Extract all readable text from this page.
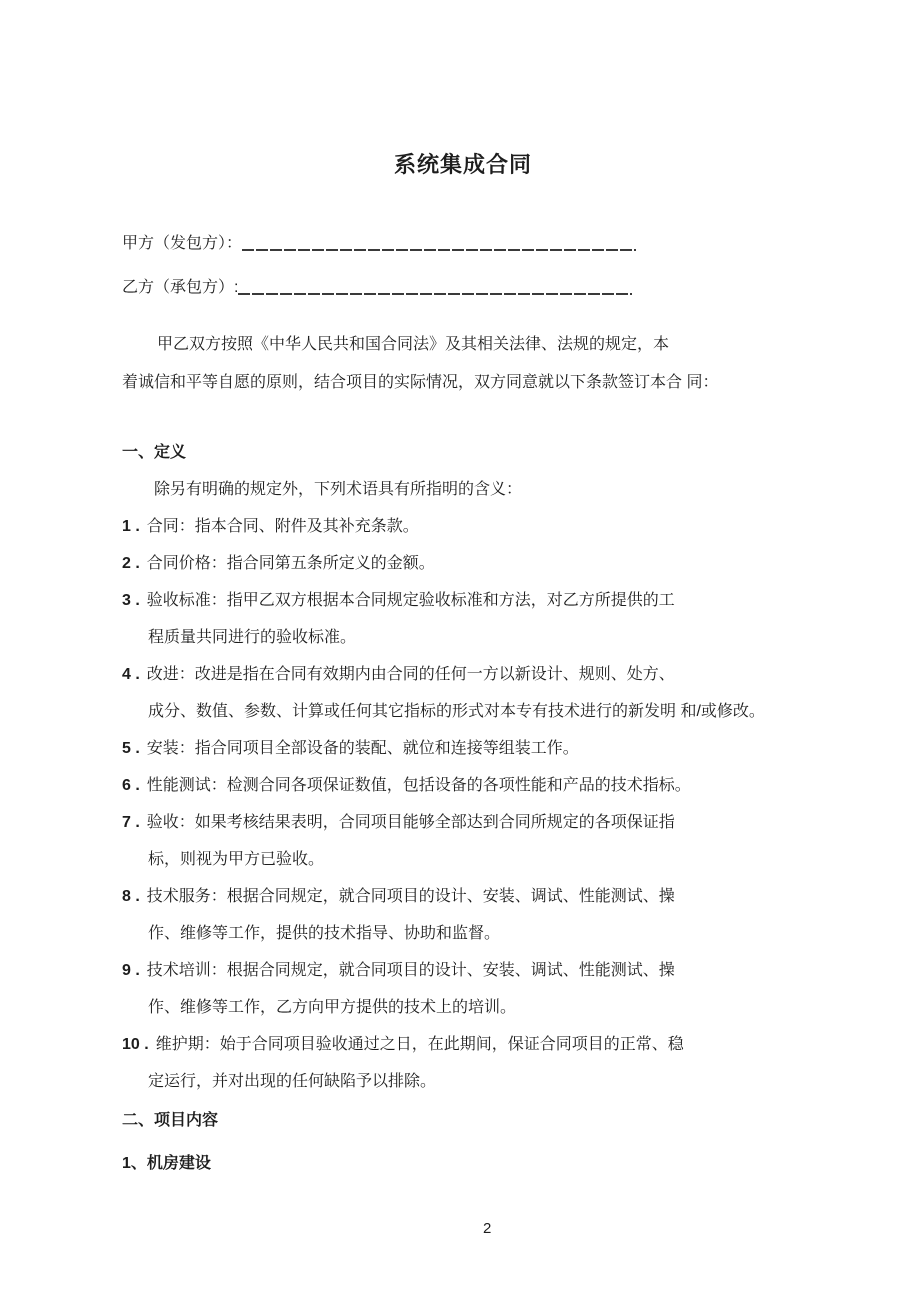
系统集成合同
甲方（发包方）：
乙方（承包方）:
甲乙双方按照《中华人民共和国合同法》及其相关法律、法规的规定，本
着诚信和平等自愿的原则，结合项目的实际情况，双方同意就以下条款签订本合 同：
一、定义
除另有明确的规定外，下列术语具有所指明的含义：
1 . 合同：指本合同、附件及其补充条款。
2 . 合同价格：指合同第五条所定义的金额。
3 . 验收标准：指甲乙双方根据本合同规定验收标准和方法，对乙方所提供的工
程质量共同进行的验收标准。
4 . 改进：改进是指在合同有效期内由合同的任何一方以新设计、规则、处方、
成分、数值、参数、计算或任何其它指标的形式对本专有技术进行的新发明 和/或修改。
5 . 安装：指合同项目全部设备的装配、就位和连接等组装工作。
6 . 性能测试：检测合同各项保证数值，包括设备的各项性能和产品的技术指标。
7 . 验收：如果考核结果表明，合同项目能够全部达到合同所规定的各项保证指
标，则视为甲方已验收。
8 . 技术服务：根据合同规定，就合同项目的设计、安装、调试、性能测试、操
作、维修等工作，提供的技术指导、协助和监督。
9 . 技术培训：根据合同规定，就合同项目的设计、安装、调试、性能测试、操
作、维修等工作，乙方向甲方提供的技术上的培训。
10 . 维护期：始于合同项目验收通过之日，在此期间，保证合同项目的正常、稳
定运行，并对出现的任何缺陷予以排除。
二、项目内容
1、机房建设
2
